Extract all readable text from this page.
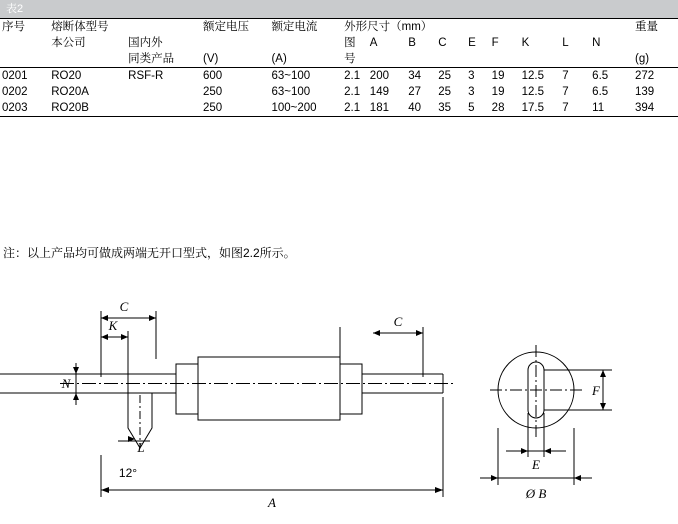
表2
序号	熔断体型号		额定电压	额定电流	外形尺寸（mm）									重量
	本公司	国内外			图	A	B	C	E	F	K	L	N	
		同类产品	(V)	(A)	号									(g)
0201	RO20	RSF-R	600	63~100	2.1	200	34	25	3	19	12.5	7	6.5	272
0202	RO20A		250	63~100	2.1	149	27	25	3	19	12.5	7	6.5	139
0203	RO20B		250	100~200	2.1	181	40	35	5	28	17.5	7	11	394
注：以上产品均可做成两端无开口型式，如图2.2所示。
C
K
N
L
12°
C
A
E
F
Ø B
